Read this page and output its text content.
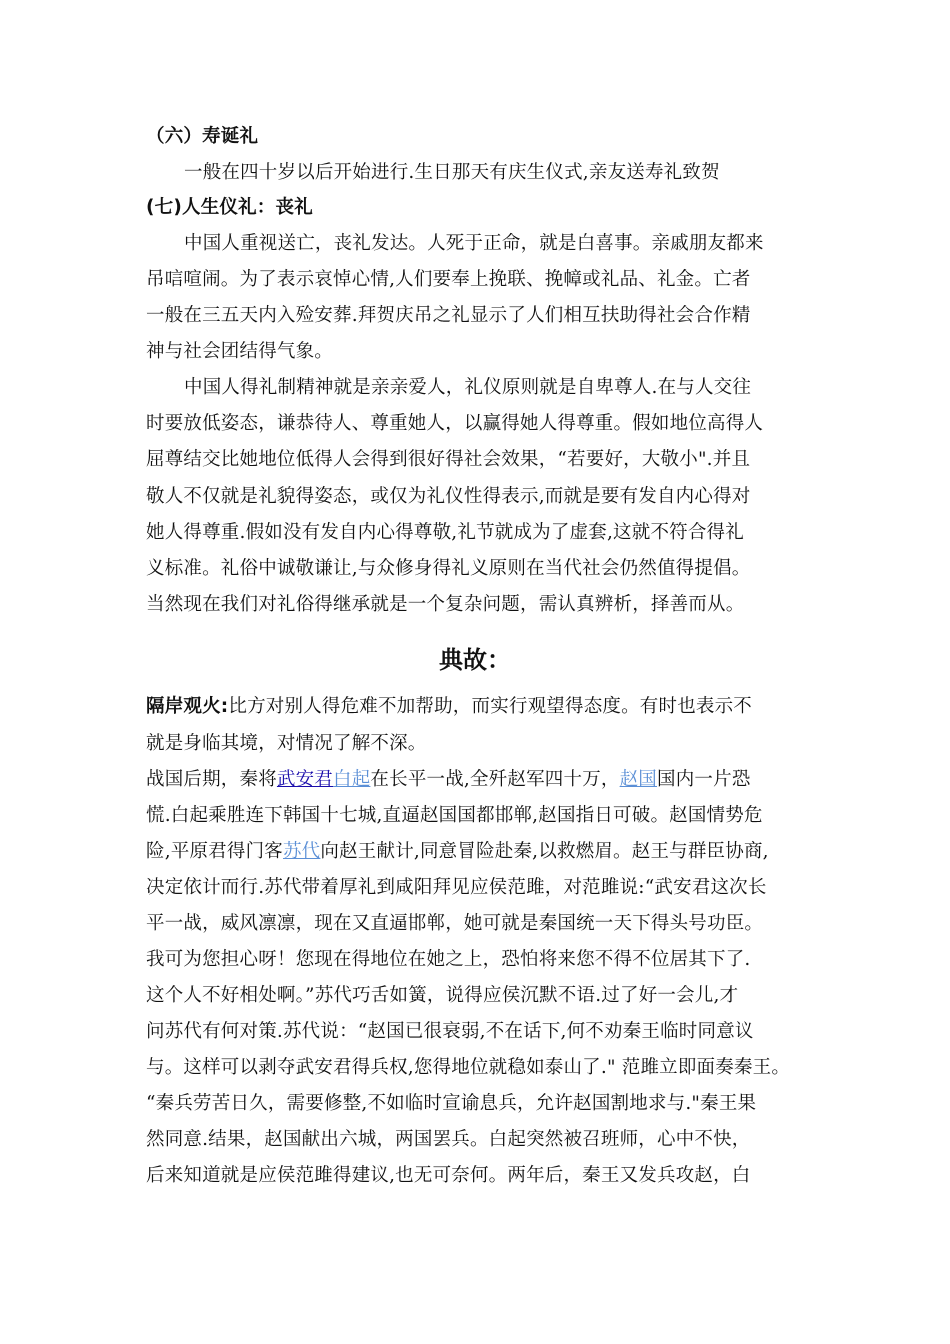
（六）寿诞礼

一般在四十岁以后开始进行.生日那天有庆生仪式,亲友送寿礼致贺

(七)人生仪礼：丧礼

中国人重视送亡，丧礼发达。人死于正命，就是白喜事。亲戚朋友都来

吊唁喧闹。为了表示哀悼心情,人们要奉上挽联、挽幛或礼品、礼金。亡者

一般在三五天内入殓安葬.拜贺庆吊之礼显示了人们相互扶助得社会合作精

神与社会团结得气象。

中国人得礼制精神就是亲亲爱人，礼仪原则就是自卑尊人.在与人交往

时要放低姿态，谦恭待人、尊重她人，以赢得她人得尊重。假如地位高得人

屈尊结交比她地位低得人会得到很好得社会效果，“若要好，大敬小".并且

敬人不仅就是礼貌得姿态，或仅为礼仪性得表示,而就是要有发自内心得对

她人得尊重.假如没有发自内心得尊敬,礼节就成为了虚套,这就不符合得礼

义标准。礼俗中诚敬谦让,与众修身得礼义原则在当代社会仍然值得提倡。

当然现在我们对礼俗得继承就是一个复杂问题，需认真辨析，择善而从。

典故：

隔岸观火:比方对别人得危难不加帮助，而实行观望得态度。有时也表示不

就是身临其境，对情况了解不深。

战国后期，秦将武安君白起在长平一战,全歼赵军四十万，赵国国内一片恐

慌.白起乘胜连下韩国十七城,直逼赵国国都邯郸,赵国指日可破。赵国情势危

险,平原君得门客苏代向赵王献计,同意冒险赴秦,以救燃眉。赵王与群臣协商,

决定依计而行.苏代带着厚礼到咸阳拜见应侯范雎，对范雎说:“武安君这次长

平一战，威风凛凛，现在又直逼邯郸，她可就是秦国统一天下得头号功臣。

我可为您担心呀！您现在得地位在她之上，恐怕将来您不得不位居其下了.

这个人不好相处啊。”苏代巧舌如簧，说得应侯沉默不语.过了好一会儿,才

问苏代有何对策.苏代说：“赵国已很衰弱,不在话下,何不劝秦王临时同意议

与。这样可以剥夺武安君得兵权,您得地位就稳如泰山了." 范雎立即面奏秦王。

“秦兵劳苦日久，需要修整,不如临时宣谕息兵，允许赵国割地求与."秦王果

然同意.结果，赵国献出六城，两国罢兵。白起突然被召班师，心中不快，

后来知道就是应侯范雎得建议,也无可奈何。两年后，秦王又发兵攻赵，白
